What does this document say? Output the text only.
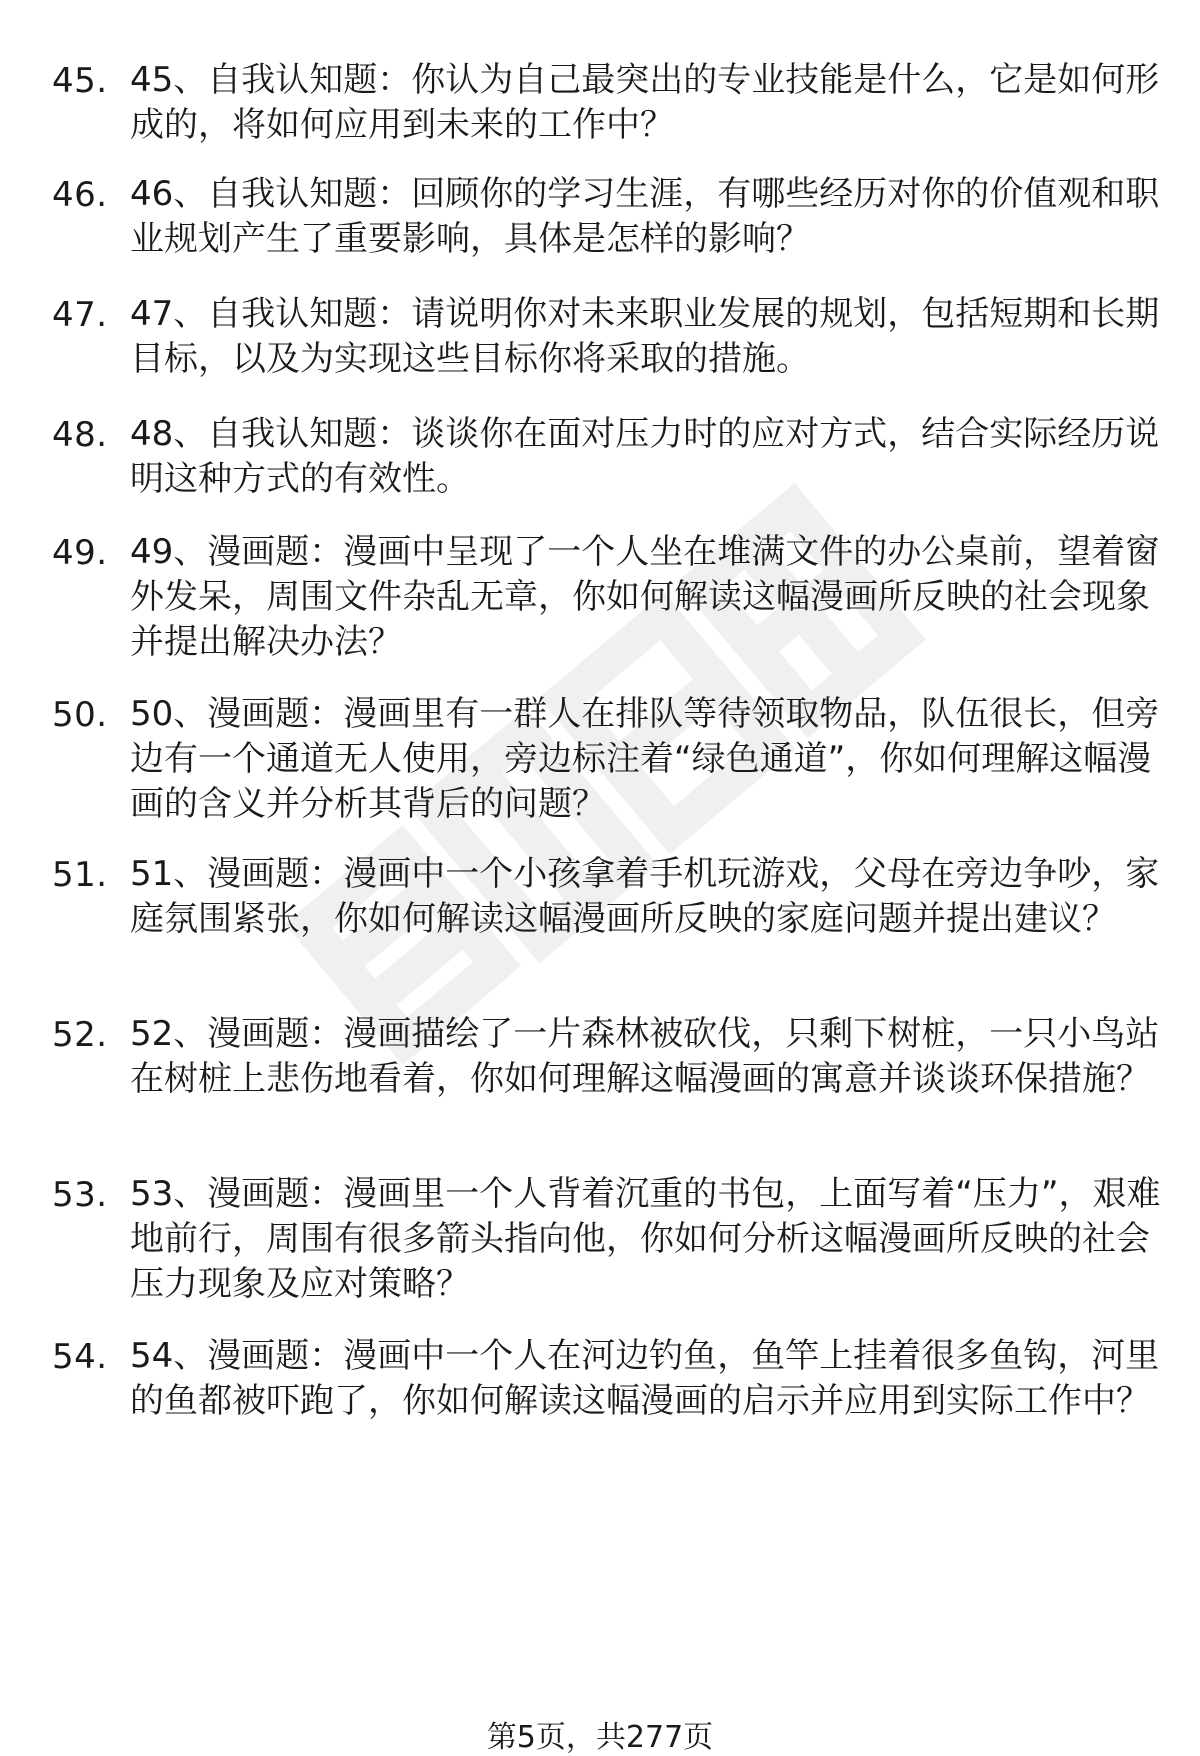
45. 45、自我认知题：你认为自己最突出的专业技能是什么，它是如何形成的，将如何应用到未来的工作中？
46. 46、自我认知题：回顾你的学习生涯，有哪些经历对你的价值观和职业规划产生了重要影响，具体是怎样的影响？
47. 47、自我认知题：请说明你对未来职业发展的规划，包括短期和长期目标，以及为实现这些目标你将采取的措施。
48. 48、自我认知题：谈谈你在面对压力时的应对方式，结合实际经历说明这种方式的有效性。
49. 49、漫画题：漫画中呈现了一个人坐在堆满文件的办公桌前，望着窗外发呆，周围文件杂乱无章，你如何解读这幅漫画所反映的社会现象并提出解决办法？
50. 50、漫画题：漫画里有一群人在排队等待领取物品，队伍很长，但旁边有一个通道无人使用，旁边标注着“绿色通道”，你如何理解这幅漫画的含义并分析其背后的问题？
51. 51、漫画题：漫画中一个小孩拿着手机玩游戏，父母在旁边争吵，家庭氛围紧张，你如何解读这幅漫画所反映的家庭问题并提出建议？
52. 52、漫画题：漫画描绘了一片森林被砍伐，只剩下树桩，一只小鸟站在树桩上悲伤地看着，你如何理解这幅漫画的寓意并谈谈环保措施？
53. 53、漫画题：漫画里一个人背着沉重的书包，上面写着“压力”，艰难地前行，周围有很多箭头指向他，你如何分析这幅漫画所反映的社会压力现象及应对策略？
54. 54、漫画题：漫画中一个人在河边钓鱼，鱼竿上挂着很多鱼钩，河里的鱼都被吓跑了，你如何解读这幅漫画的启示并应用到实际工作中？
第5页，共277页
